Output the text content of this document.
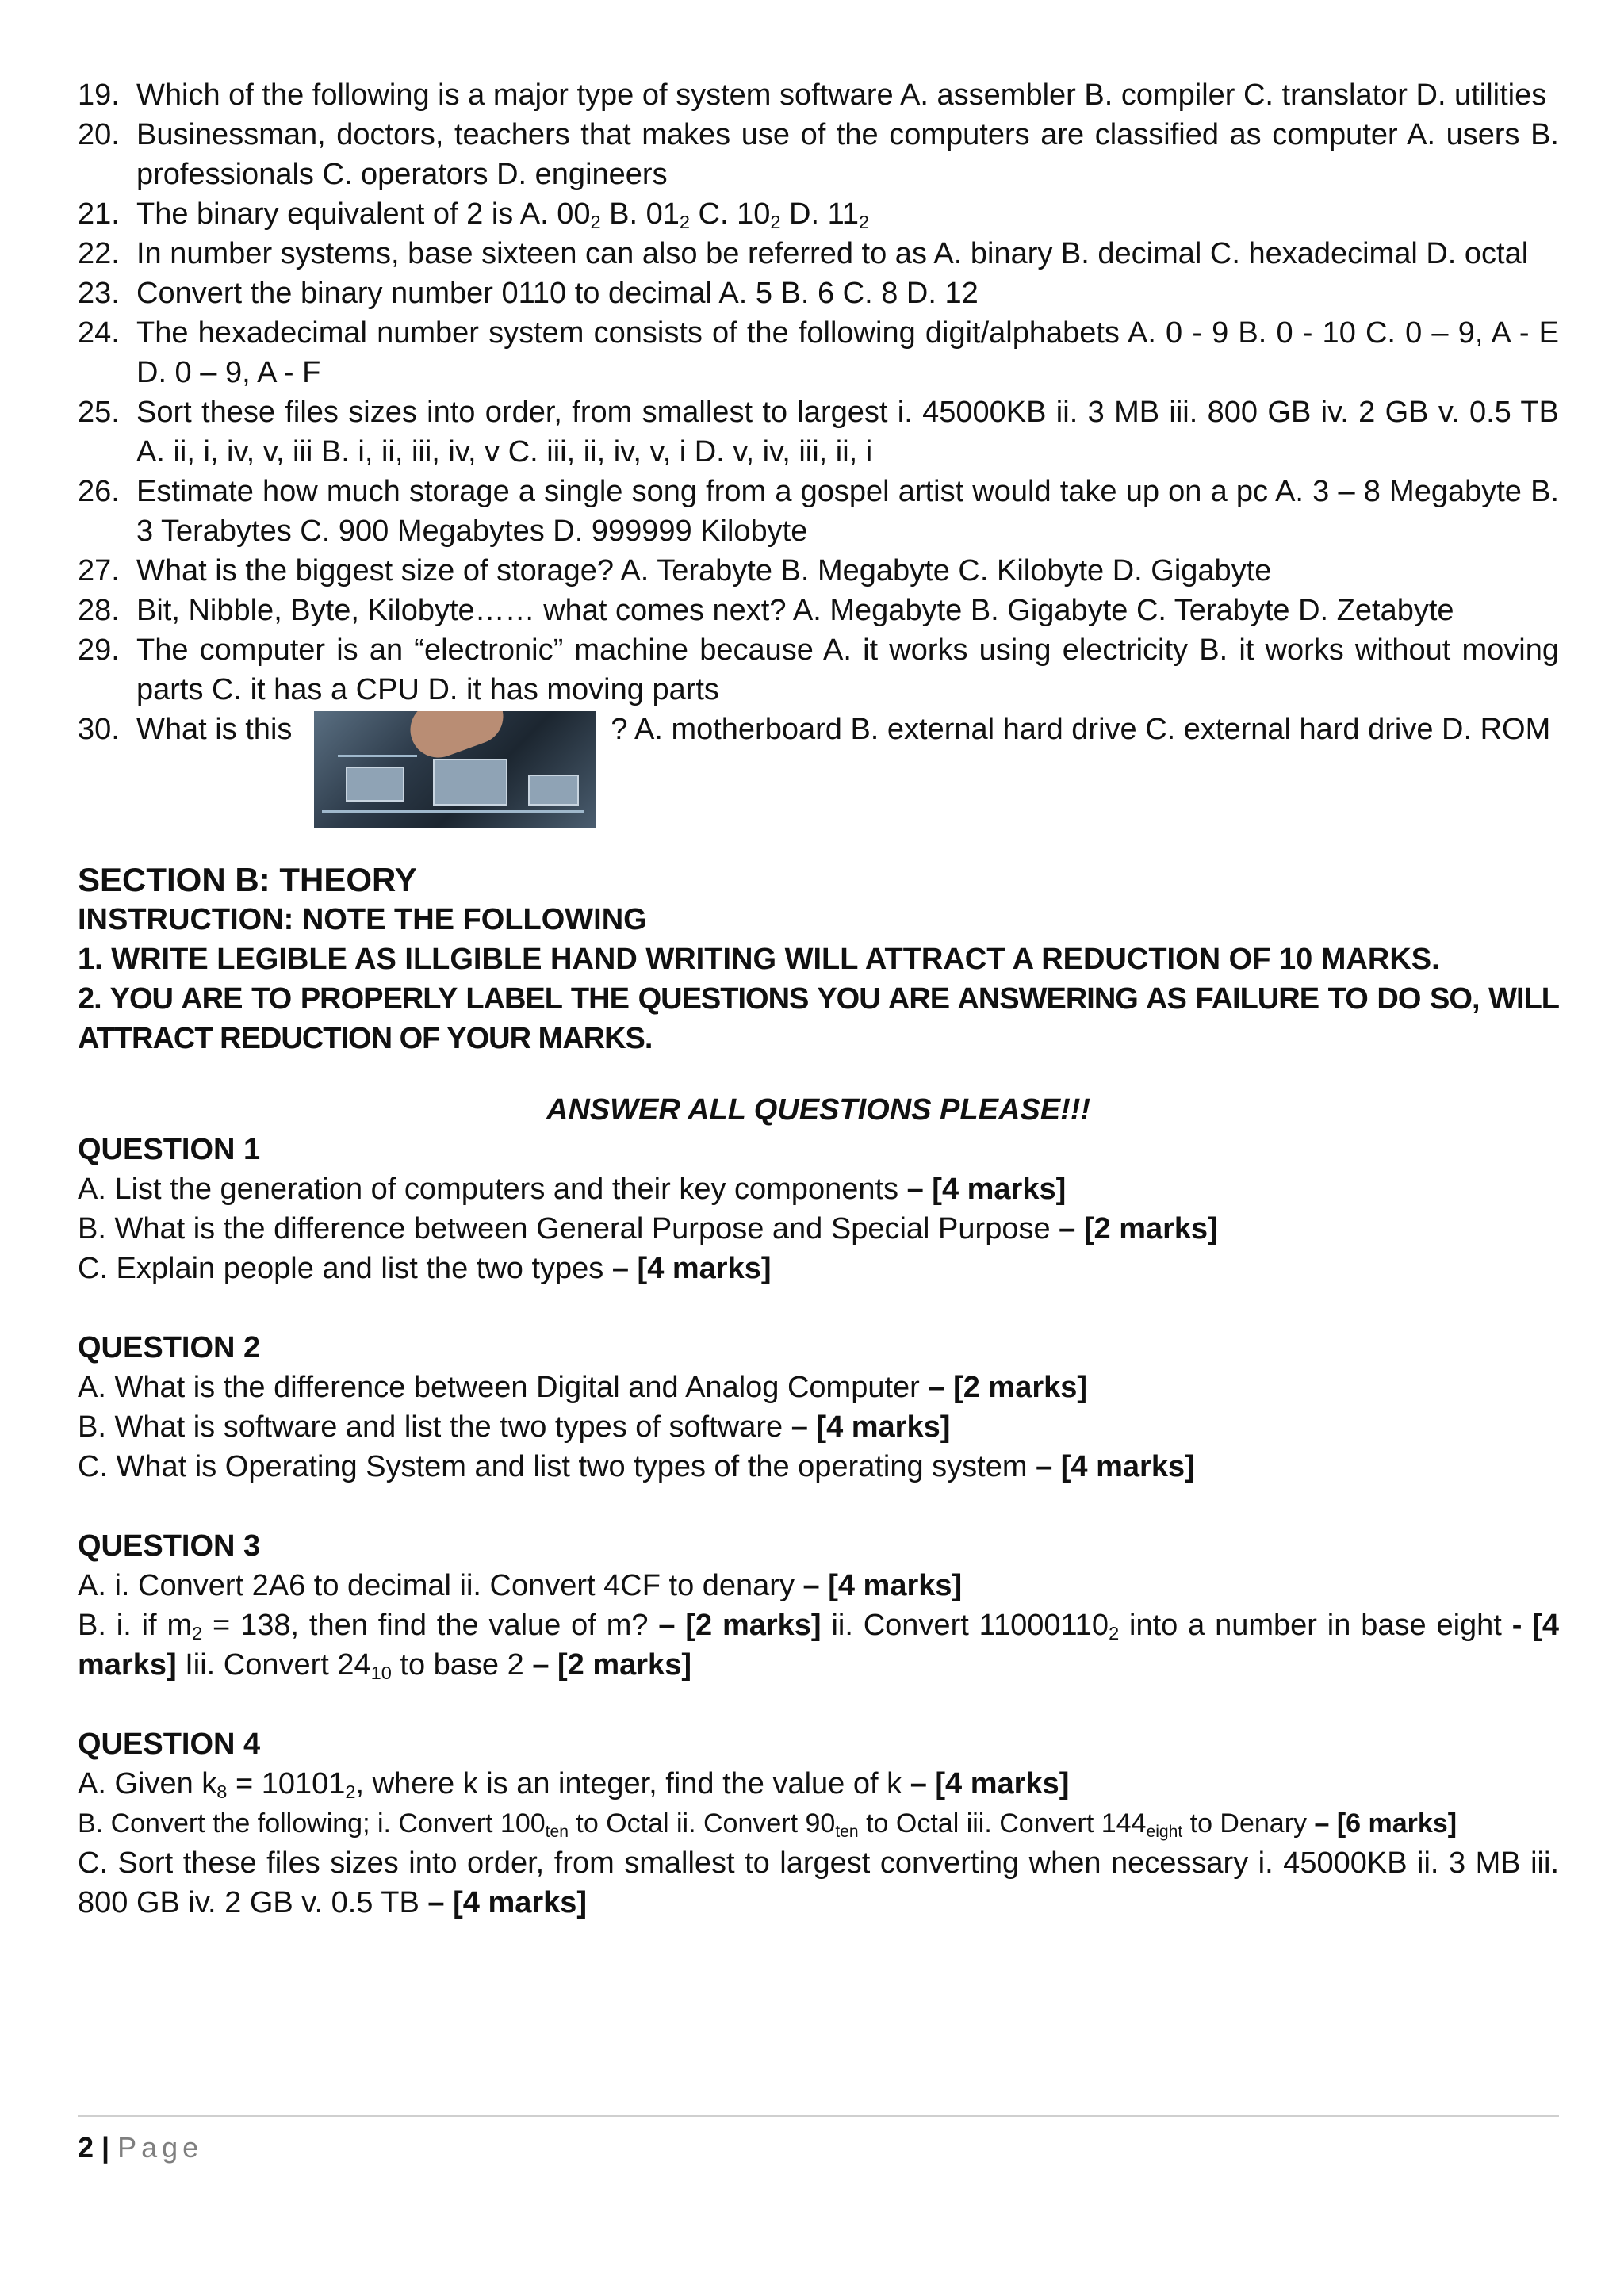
19. Which of the following is a major type of system software A. assembler B. compiler C. translator D. utilities
20. Businessman, doctors, teachers that makes use of the computers are classified as computer A. users B. professionals C. operators D. engineers
21. The binary equivalent of 2 is A. $00_2$ B. $01_2$ C. $10_2$ D. $11_2$
22. In number systems, base sixteen can also be referred to as A. binary B. decimal C. hexadecimal D. octal
23. Convert the binary number 0110 to decimal A. 5 B. 6 C. 8 D. 12
24. The hexadecimal number system consists of the following digit/alphabets A. 0 - 9 B. 0 - 10 C. 0 – 9, A - E D. 0 – 9, A - F
25. Sort these files sizes into order, from smallest to largest i. 45000KB ii. 3 MB iii. 800 GB iv. 2 GB v. 0.5 TB A. ii, i, iv, v, iii B. i, ii, iii, iv, v C. iii, ii, iv, v, i D. v, iv, iii, ii, i
26. Estimate how much storage a single song from a gospel artist would take up on a pc A. 3 – 8 Megabyte B. 3 Terabytes C. 900 Megabytes D. 999999 Kilobyte
27. What is the biggest size of storage? A. Terabyte B. Megabyte C. Kilobyte D. Gigabyte
28. Bit, Nibble, Byte, Kilobyte…… what comes next? A. Megabyte B. Gigabyte C. Terabyte D. Zetabyte
29. The computer is an “electronic” machine because A. it works using electricity B. it works without moving parts C. it has a CPU D. it has moving parts
30. What is this	? A. motherboard B. external hard drive C. external hard drive D. ROM
SECTION B: THEORY
INSTRUCTION: NOTE THE FOLLOWING
1. WRITE LEGIBLE AS ILLGIBLE HAND WRITING WILL ATTRACT A REDUCTION OF 10 MARKS.
2. YOU ARE TO PROPERLY LABEL THE QUESTIONS YOU ARE ANSWERING AS FAILURE TO DO SO, WILL ATTRACT REDUCTION OF YOUR MARKS.
ANSWER ALL QUESTIONS PLEASE!!!
QUESTION 1

A. List the generation of computers and their key components – [4 marks]

B. What is the difference between General Purpose and Special Purpose – [2 marks]

C. Explain people and list the two types – [4 marks]

QUESTION 2

A. What is the difference between Digital and Analog Computer – [2 marks]

B. What is software and list the two types of software – [4 marks]

C. What is Operating System and list two types of the operating system – [4 marks]

QUESTION 3

A. i. Convert 2A6 to decimal ii. Convert 4CF to denary – [4 marks]

B. i. if $m_2 = 138$, then find the value of m? – [2 marks] ii. Convert $11000110_2$ into a number in base eight - [4 marks] Iii. Convert $24_{10}$ to base 2 – [2 marks]

QUESTION 4

A. Given $k_8 = 10101_2$, where k is an integer, find the value of k – [4 marks]

B. Convert the following; i. Convert $100_{ten}$ to Octal ii. Convert $90_{ten}$ to Octal iii. Convert $144_{eight}$ to Denary – [6 marks]

C. Sort these files sizes into order, from smallest to largest converting when necessary i. 45000KB ii. 3 MB iii. 800 GB iv. 2 GB v. 0.5 TB – [4 marks]

2 | Page
